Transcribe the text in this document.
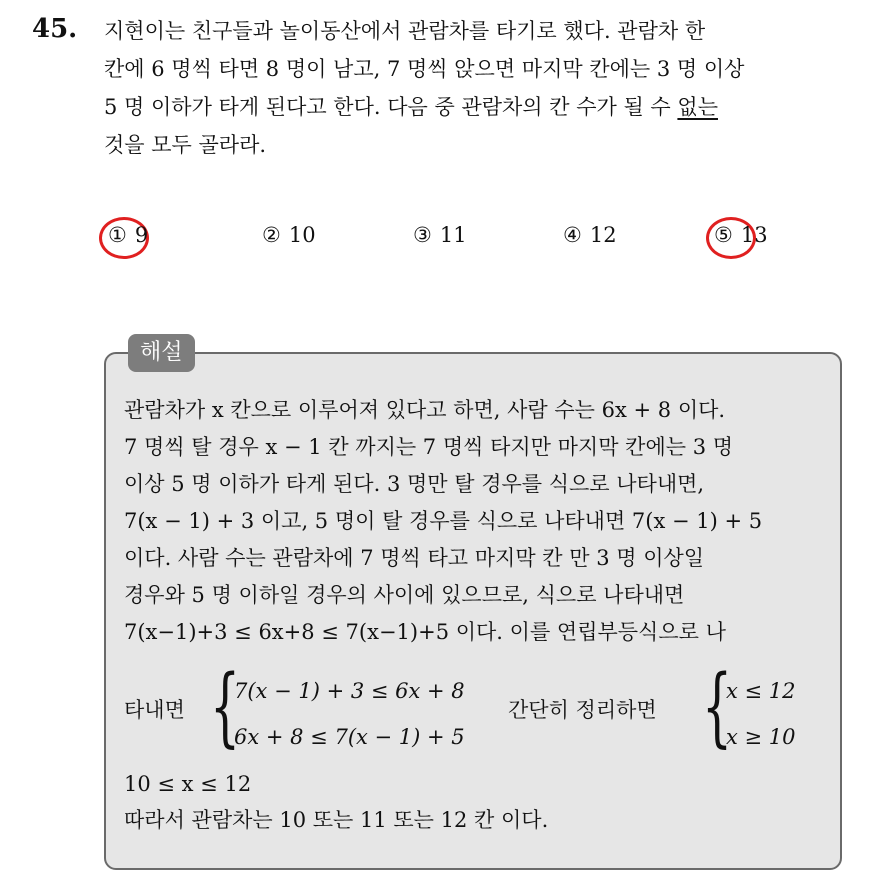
45. 지현이는 친구들과 놀이동산에서 관람차를 타기로 했다. 관람차 한
칸에 6 명씩 타면 8 명이 남고, 7 명씩 앉으면 마지막 칸에는 3 명 이상
5 명 이하가 타게 된다고 한다. 다음 중 관람차의 칸 수가 될 수 없는
것을 모두 골라라.
① 9	② 10	③ 11	④ 12	⑤ 13
해설
관람차가 x 칸으로 이루어져 있다고 하면, 사람 수는 6x + 8 이다.
7 명씩 탈 경우 x − 1 칸 까지는 7 명씩 타지만 마지막 칸에는 3 명
이상 5 명 이하가 타게 된다. 3 명만 탈 경우를 식으로 나타내면,
7(x − 1) + 3 이고, 5 명이 탈 경우를 식으로 나타내면 7(x − 1) + 5
이다. 사람 수는 관람차에 7 명씩 타고 마지막 칸 만 3 명 이상일
경우와 5 명 이하일 경우의 사이에 있으므로, 식으로 나타내면
7(x−1)+3 ≤ 6x+8 ≤ 7(x−1)+5 이다. 이를 연립부등식으로 나
타내면 {
7(x − 1) + 3 ≤ 6x + 8
6x + 8 ≤ 7(x − 1) + 5
간단히 정리하면 {
x ≤ 12
x ≥ 10
10 ≤ x ≤ 12
따라서 관람차는 10 또는 11 또는 12 칸 이다.
